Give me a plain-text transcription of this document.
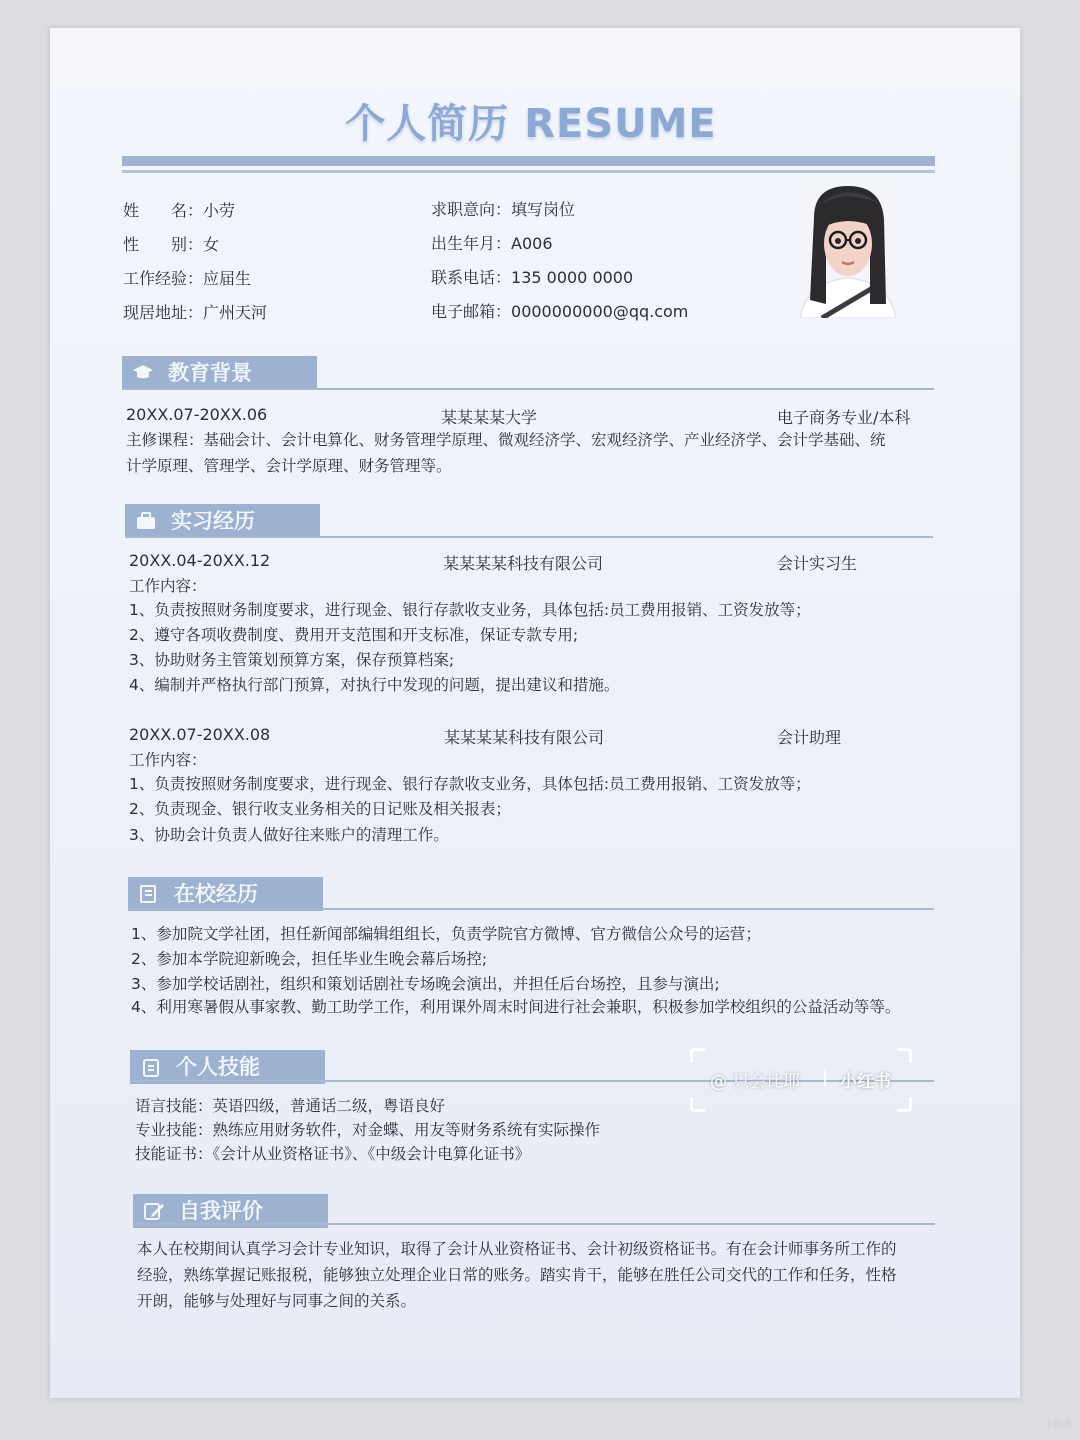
个人简历 RESUME
姓　　名：小劳
性　　别：女
工作经验：应届生
现居地址：广州天河
求职意向：填写岗位
出生年月：A006
联系电话：135 0000 0000
电子邮箱：0000000000@qq.com
教育背景
20XX.07-20XX.06	某某某某大学	电子商务专业/本科
主修课程：基础会计、会计电算化、财务管理学原理、微观经济学、宏观经济学、产业经济学、会计学基础、统
计学原理、管理学、会计学原理、财务管理等。
实习经历
20XX.04-20XX.12	某某某某科技有限公司	会计实习生
工作内容：
1、负责按照财务制度要求，进行现金、银行存款收支业务，具体包括:员工费用报销、工资发放等；
2、遵守各项收费制度、费用开支范围和开支标准，保证专款专用;
3、协助财务主管策划预算方案，保存预算档案;
4、编制并严格执行部门预算，对执行中发现的问题，提出建议和措施。
20XX.07-20XX.08	某某某某科技有限公司	会计助理
工作内容：
1、负责按照财务制度要求，进行现金、银行存款收支业务，具体包括:员工费用报销、工资发放等；
2、负责现金、银行收支业务相关的日记账及相关报表；
3、协助会计负责人做好往来账户的清理工作。
在校经历
1、参加院文学社团，担任新闻部编辑组组长，负责学院官方微博、官方微信公众号的运营；
2、参加本学院迎新晚会，担任毕业生晚会幕后场控;
3、参加学校话剧社，组织和策划话剧社专场晚会演出，并担任后台场控，且参与演出;
4、利用寒暑假从事家教、勤工助学工作，利用课外周末时间进行社会兼职，积极参加学校组织的公益活动等等。
个人技能
语言技能：英语四级，普通话二级，粤语良好
专业技能：熟练应用财务软件，对金蝶、用友等财务系统有实际操作
技能证书：《会计从业资格证书》、《中级会计电算化证书》
自我评价
本人在校期间认真学习会计专业知识，取得了会计从业资格证书、会计初级资格证书。有在会计师事务所工作的
经验，熟练掌握记账报税，能够独立处理企业日常的账务。踏实肯干，能够在胜任公司交代的工作和任务，性格
开朗，能够与处理好与同事之间的关系。
@ 只会比耶 小红书
小红书
